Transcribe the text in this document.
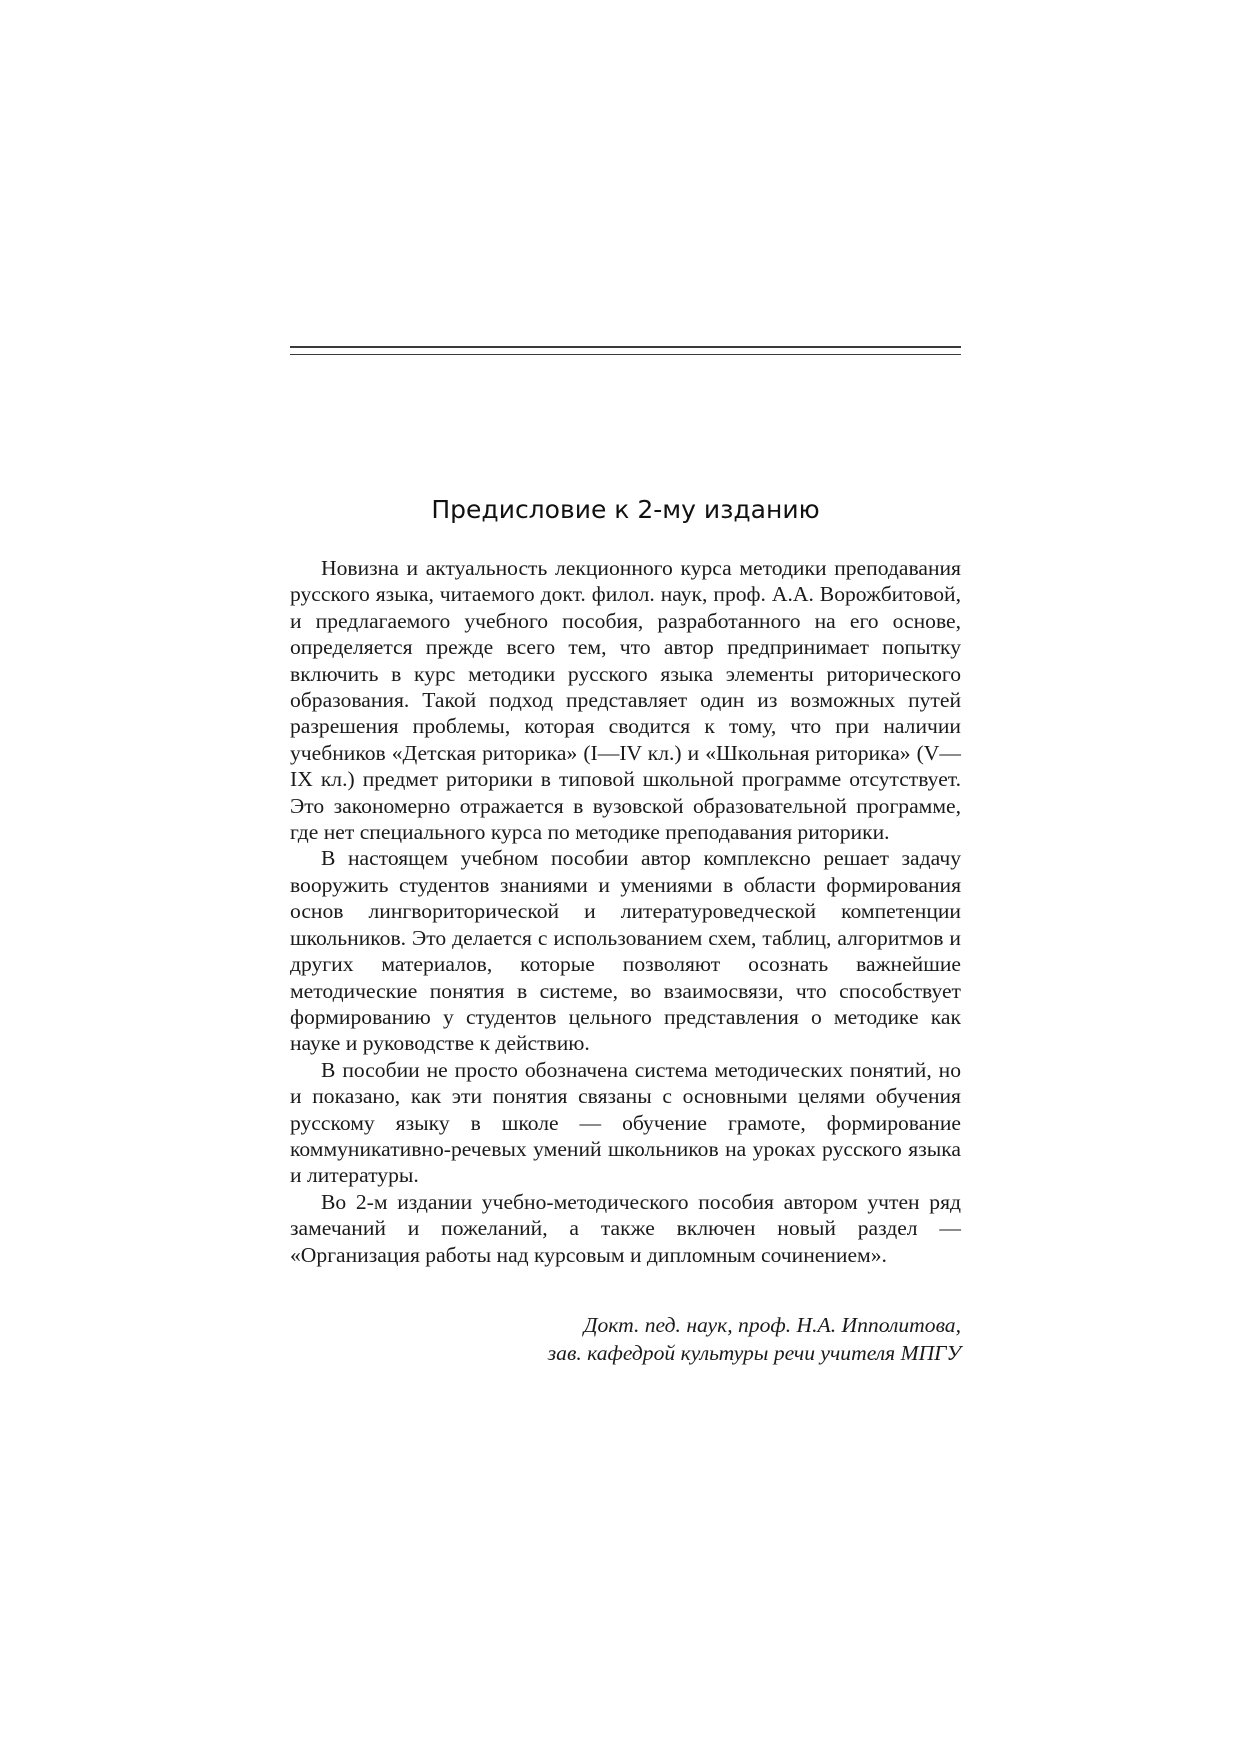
Предисловие к 2-му изданию

Новизна и актуальность лекционного курса методики преподавания русского языка, читаемого докт. филол. наук, проф. А.А. Ворожбитовой, и предлагаемого учебного пособия, разработанного на его основе, определяется прежде всего тем, что автор предпринимает попытку включить в курс методики русского языка элементы риторического образования. Такой подход представляет один из возможных путей разрешения проблемы, которая сводится к тому, что при наличии учебников «Детская риторика» (I—IV кл.) и «Школьная риторика» (V—IX кл.) предмет риторики в типовой школьной программе отсутствует. Это закономерно отражается в вузовской образовательной программе, где нет специального курса по методике преподавания риторики.

В настоящем учебном пособии автор комплексно решает задачу вооружить студентов знаниями и умениями в области формирования основ лингвориторической и литературоведческой компетенции школьников. Это делается с использованием схем, таблиц, алгоритмов и других материалов, которые позволяют осознать важнейшие методические понятия в системе, во взаимосвязи, что способствует формированию у студентов цельного представления о методике как науке и руководстве к действию.

В пособии не просто обозначена система методических понятий, но и показано, как эти понятия связаны с основными целями обучения русскому языку в школе — обучение грамоте, формирование коммуникативно-речевых умений школьников на уроках русского языка и литературы.

Во 2-м издании учебно-методического пособия автором учтен ряд замечаний и пожеланий, а также включен новый раздел — «Организация работы над курсовым и дипломным сочинением».

Докт. пед. наук, проф. Н.А. Ипполитова,
зав. кафедрой культуры речи учителя МПГУ
